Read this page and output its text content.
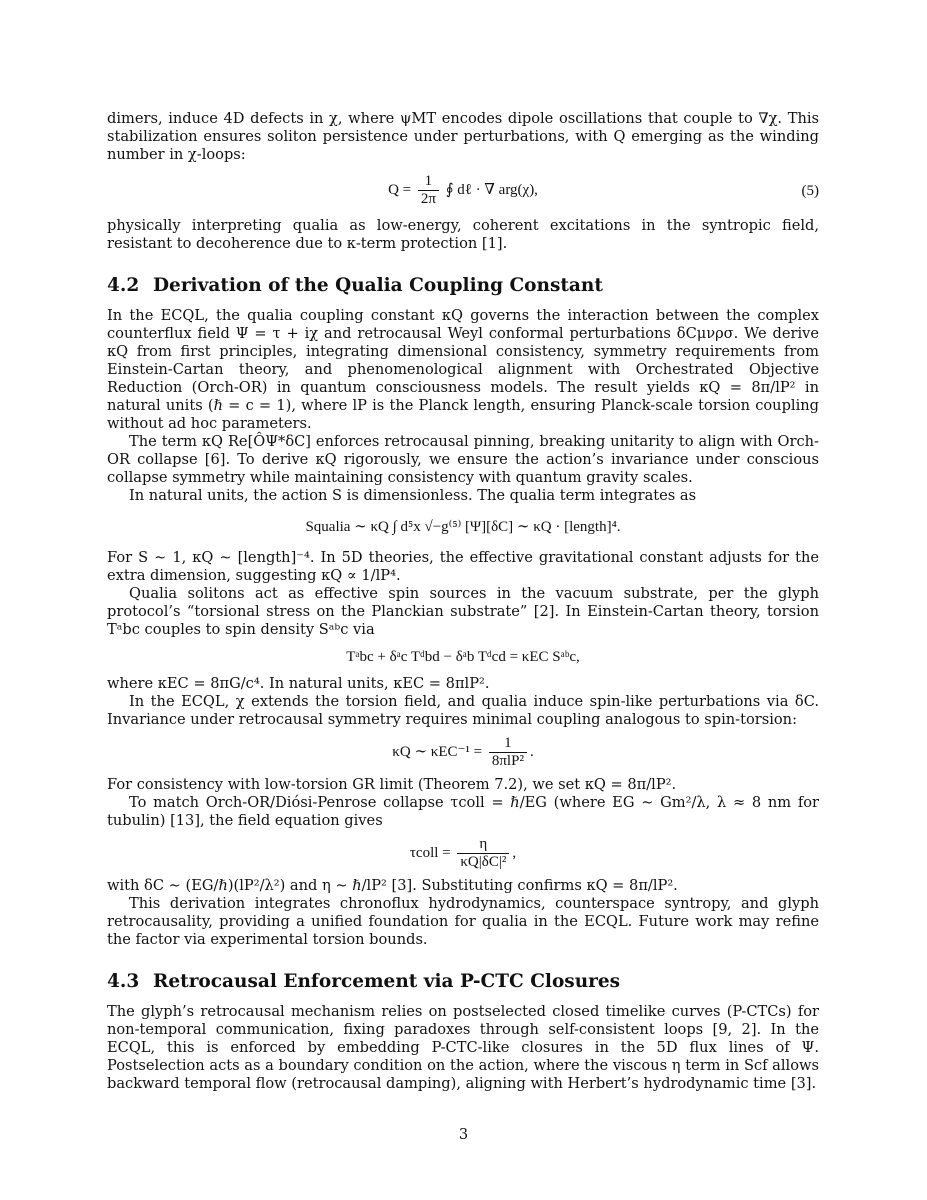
dimers, induce 4D defects in χ, where ψMT encodes dipole oscillations that couple to ∇χ. This stabilization ensures soliton persistence under perturbations, with Q emerging as the winding number in χ-loops:

$Q = \frac{1}{2\pi}$ ∮ dℓ · ∇ arg(χ),	(5)

physically interpreting qualia as low-energy, coherent excitations in the syntropic field, resistant to decoherence due to κ-term protection [1].

4.2 Derivation of the Qualia Coupling Constant

In the ECQL, the qualia coupling constant κQ governs the interaction between the complex counterflux field Ψ = τ + iχ and retrocausal Weyl conformal perturbations δCμνρσ. We derive κQ from first principles, integrating dimensional consistency, symmetry requirements from Einstein-Cartan theory, and phenomenological alignment with Orchestrated Objective Reduction (Orch-OR) in quantum consciousness models. The result yields κQ = 8π/lP² in natural units (ℏ = c = 1), where lP is the Planck length, ensuring Planck-scale torsion coupling without ad hoc parameters.

The term κQ Re[ÔΨ*δC] enforces retrocausal pinning, breaking unitarity to align with Orch-OR collapse [6]. To derive κQ rigorously, we ensure the action’s invariance under conscious collapse symmetry while maintaining consistency with quantum gravity scales.

In natural units, the action S is dimensionless. The qualia term integrates as

Squalia ∼ κQ ∫ d⁵x √−g⁽⁵⁾ [Ψ][δC] ∼ κQ · [length]⁴.

For S ∼ 1, κQ ∼ [length]⁻⁴. In 5D theories, the effective gravitational constant adjusts for the extra dimension, suggesting κQ ∝ 1/lP⁴.

Qualia solitons act as effective spin sources in the vacuum substrate, per the glyph protocol’s “torsional stress on the Planckian substrate” [2]. In Einstein-Cartan theory, torsion Tᵃbc couples to spin density Sᵃᵇc via

Tᵃbc + δᵃc Tᵈbd − δᵃb Tᵈcd = κEC Sᵃᵇc,

where κEC = 8πG/c⁴. In natural units, κEC = 8πlP².

In the ECQL, χ extends the torsion field, and qualia induce spin-like perturbations via δC. Invariance under retrocausal symmetry requires minimal coupling analogous to spin-torsion:

κQ ∼ $\kappa EC^{-1} = \frac{1}{\text{8πlP²}}$ .

For consistency with low-torsion GR limit (Theorem 7.2), we set κQ = 8π/lP².

To match Orch-OR/Diósi-Penrose collapse τcoll = ℏ/EG (where EG ∼ Gm²/λ, λ ≈ 8 nm for tubulin) [13], the field equation gives

τcoll = $\frac{\eta}{\text{κQ|δC|²}}$ ,

with δC ∼ (EG/ℏ)(lP²/λ²) and η ∼ ℏ/lP² [3]. Substituting confirms κQ = 8π/lP².

This derivation integrates chronoflux hydrodynamics, counterspace syntropy, and glyph retrocausality, providing a unified foundation for qualia in the ECQL. Future work may refine the factor via experimental torsion bounds.

4.3 Retrocausal Enforcement via P-CTC Closures

The glyph’s retrocausal mechanism relies on postselected closed timelike curves (P-CTCs) for non-temporal communication, fixing paradoxes through self-consistent loops [9, 2]. In the ECQL, this is enforced by embedding P-CTC-like closures in the 5D flux lines of Ψ. Postselection acts as a boundary condition on the action, where the viscous η term in Scf allows backward temporal flow (retrocausal damping), aligning with Herbert’s hydrodynamic time [3].

3
